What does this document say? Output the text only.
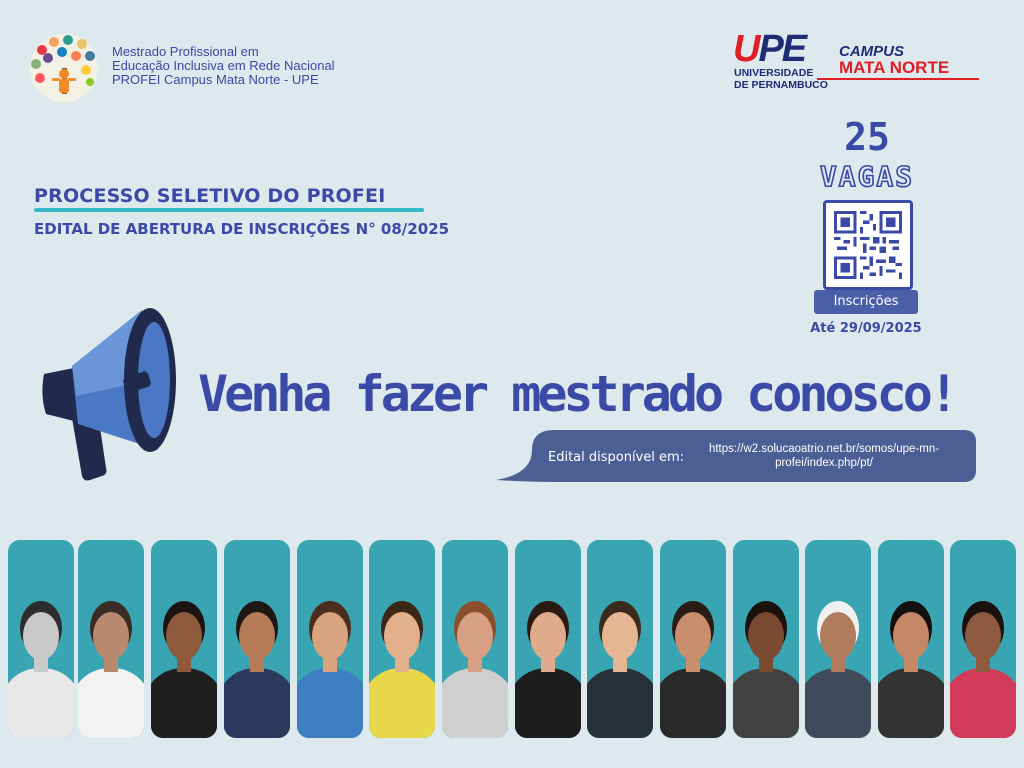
Mestrado Profissional em
Educação Inclusiva em Rede Nacional
PROFEI Campus Mata Norte - UPE
UPE
UNIVERSIDADE
DE PERNAMBUCO
CAMPUS
MATA NORTE
PROCESSO SELETIVO DO PROFEI
EDITAL DE ABERTURA DE INSCRIÇÕES N° 08/2025
25
VAGAS
Inscrições
Até 29/09/2025
Venha fazer mestrado conosco!
Edital disponível em:
https://w2.solucaoatrio.net.br/somos/upe-mn-profei/index.php/pt/
